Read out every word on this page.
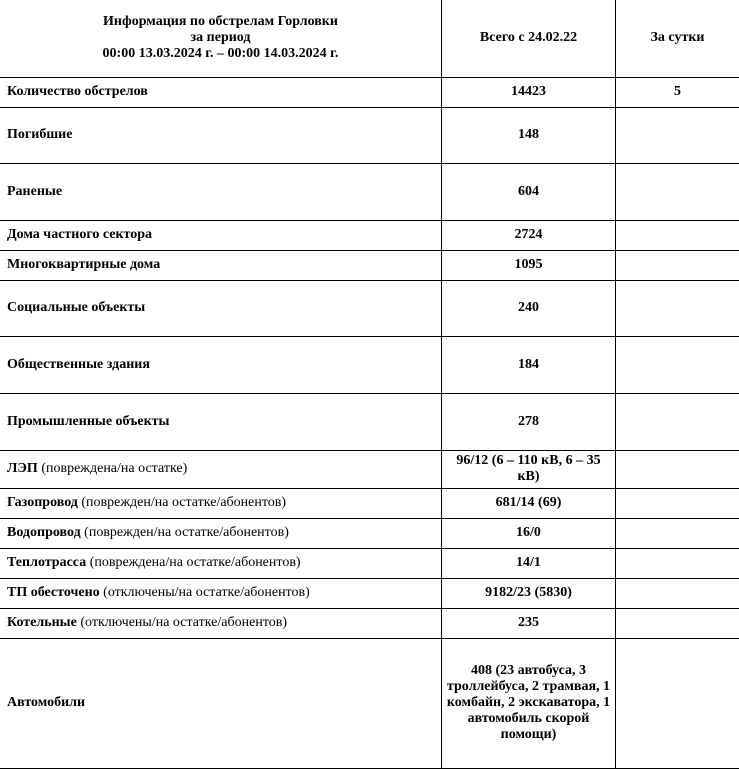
Информация по обстрелам Горловки
за период
00:00 13.03.2024 г. – 00:00 14.03.2024 г.	Всего с 24.02.22	За сутки
Количество обстрелов	14423	5
Погибшие	148	
Раненые	604	
Дома частного сектора	2724	
Многоквартирные дома	1095	
Социальные объекты	240	
Общественные здания	184	
Промышленные объекты	278	
ЛЭП (повреждена/на остатке)	96/12 (6 – 110 кВ, 6 – 35 кВ)	
Газопровод (поврежден/на остатке/абонентов)	681/14 (69)	
Водопровод (поврежден/на остатке/абонентов)	16/0	
Теплотрасса (повреждена/на остатке/абонентов)	14/1	
ТП обесточено (отключены/на остатке/абонентов)	9182/23 (5830)	
Котельные (отключены/на остатке/абонентов)	235	
Автомобили	408 (23 автобуса, 3 троллейбуса, 2 трамвая, 1 комбайн, 2 экскаватора, 1 автомобиль скорой помощи)	
